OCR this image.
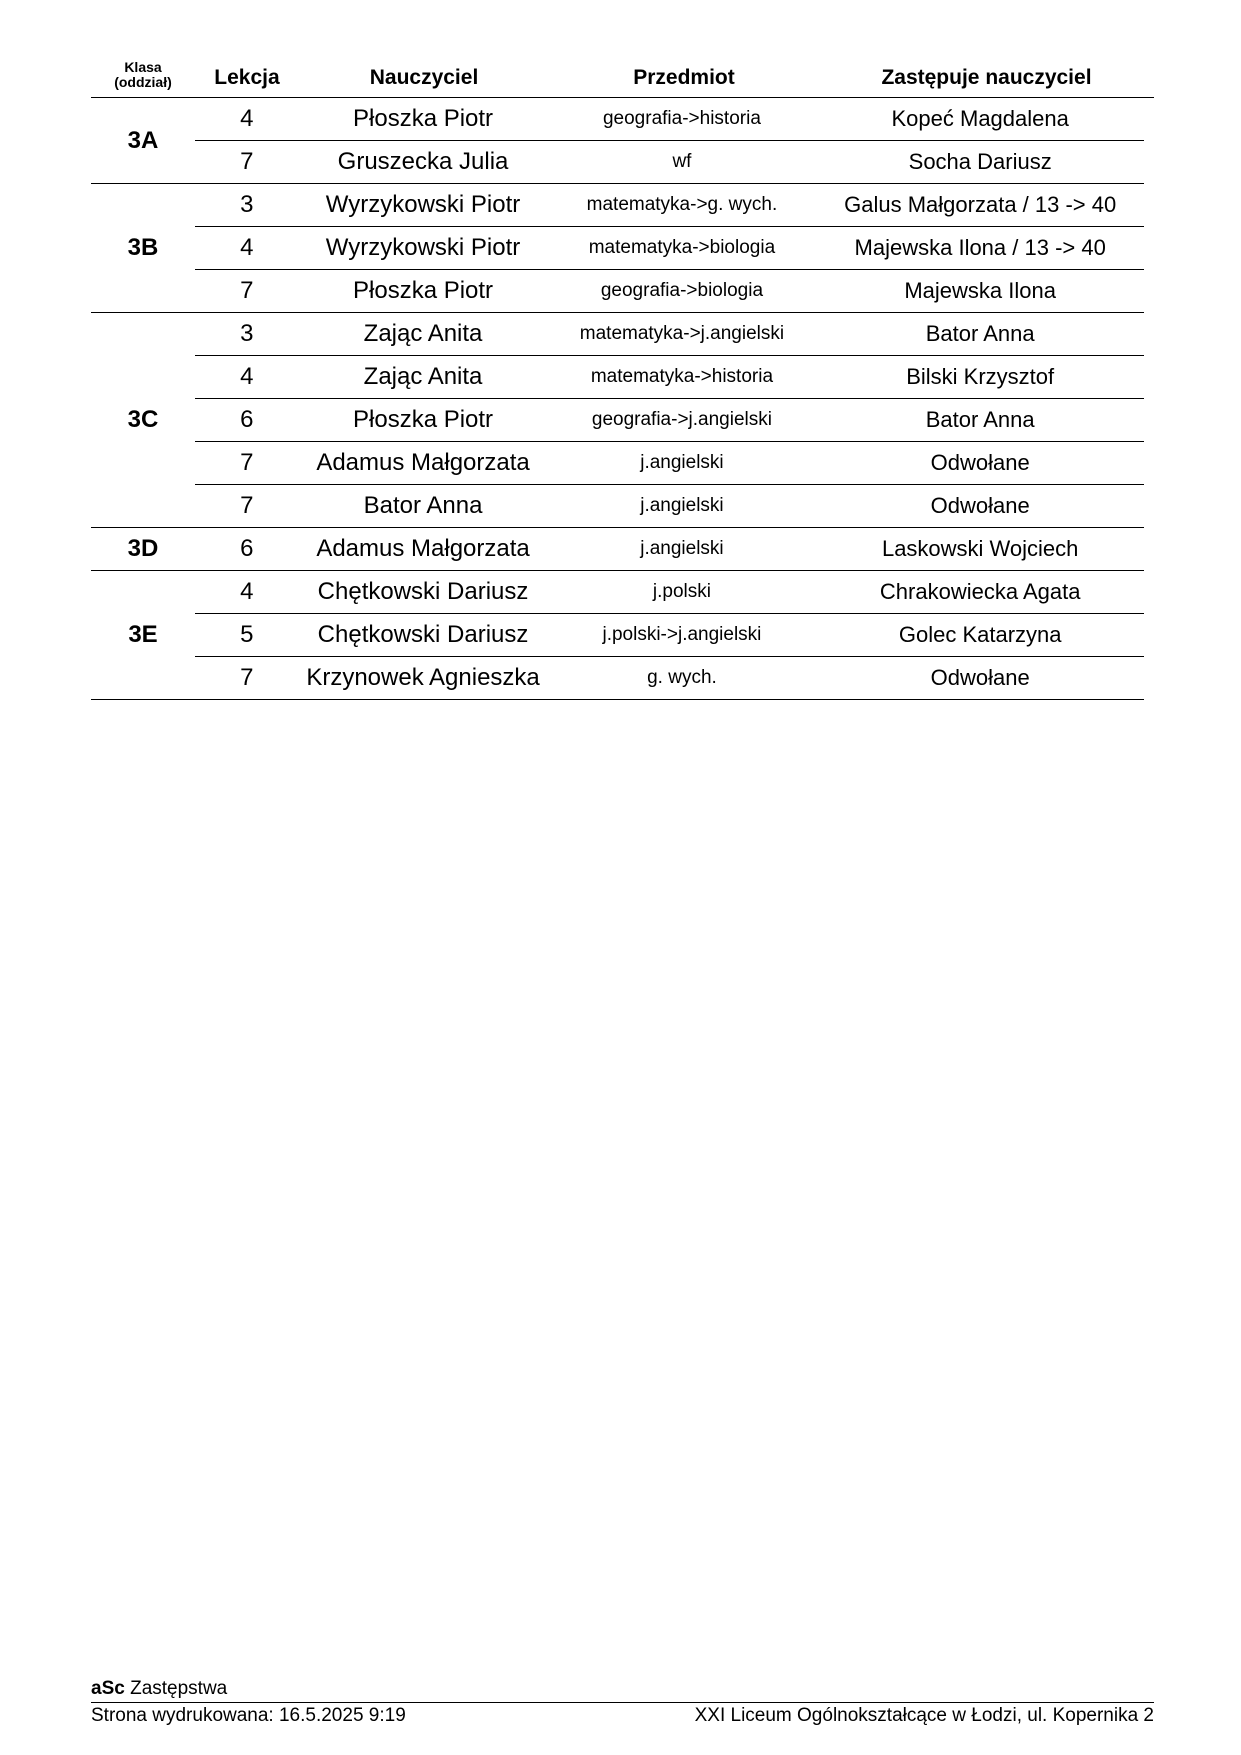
Klasa
(oddział)	Lekcja	Nauczyciel	Przedmiot	Zastępuje nauczyciel
3A
4	Płoszka Piotr	geografia->historia	Kopeć Magdalena
7	Gruszecka Julia	wf	Socha Dariusz
3B
3	Wyrzykowski Piotr	matematyka->g. wych.	Galus Małgorzata / 13 -> 40
4	Wyrzykowski Piotr	matematyka->biologia	Majewska Ilona / 13 -> 40
7	Płoszka Piotr	geografia->biologia	Majewska Ilona
3C
3	Zając Anita	matematyka->j.angielski	Bator Anna
4	Zając Anita	matematyka->historia	Bilski Krzysztof
6	Płoszka Piotr	geografia->j.angielski	Bator Anna
7	Adamus Małgorzata	j.angielski	Odwołane
7	Bator Anna	j.angielski	Odwołane
3D	6	Adamus Małgorzata	j.angielski	Laskowski Wojciech
3E
4	Chętkowski Dariusz	j.polski	Chrakowiecka Agata
5	Chętkowski Dariusz	j.polski->j.angielski	Golec Katarzyna
7	Krzynowek Agnieszka	g. wych.	Odwołane
aSc Zastępstwa
Strona wydrukowana: 16.5.2025 9:19	XXI Liceum Ogólnokształcące w Łodzi, ul. Kopernika 2
